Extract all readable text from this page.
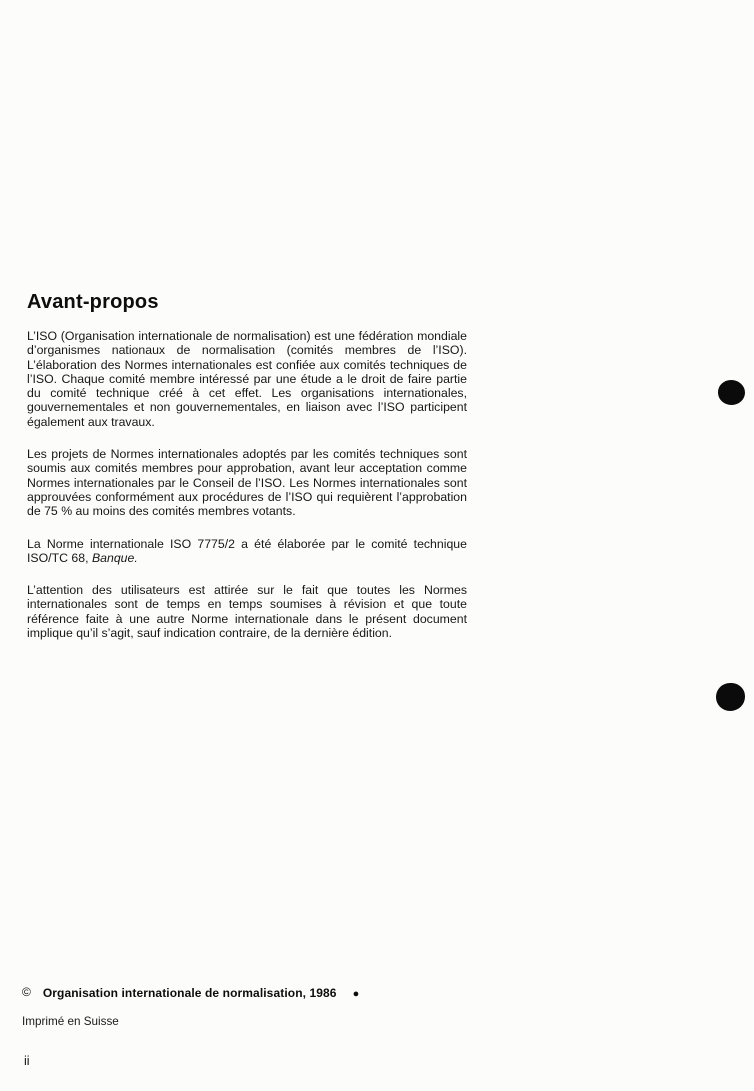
Avant-propos

L’ISO (Organisation internationale de normalisation) est une fédération mondiale d’organismes nationaux de normalisation (comités membres de l’ISO). L’élaboration des Normes internationales est confiée aux comités techniques de l’ISO. Chaque comité membre intéressé par une étude a le droit de faire partie du comité technique créé à cet effet. Les organisations internationales, gouvernementales et non gouvernementales, en liaison avec l’ISO participent également aux travaux.

Les projets de Normes internationales adoptés par les comités techniques sont soumis aux comités membres pour approbation, avant leur acceptation comme Normes internationales par le Conseil de l’ISO. Les Normes internationales sont approuvées conformément aux procédures de l’ISO qui requièrent l’approbation de 75 % au moins des comités membres votants.

La Norme internationale ISO 7775/2 a été élaborée par le comité technique ISO/TC 68, Banque.

L’attention des utilisateurs est attirée sur le fait que toutes les Normes internationales sont de temps en temps soumises à révision et que toute référence faite à une autre Norme internationale dans le présent document implique qu’il s’agit, sauf indication contraire, de la dernière édition.

© Organisation internationale de normalisation, 1986 ●
Imprimé en Suisse
ii
